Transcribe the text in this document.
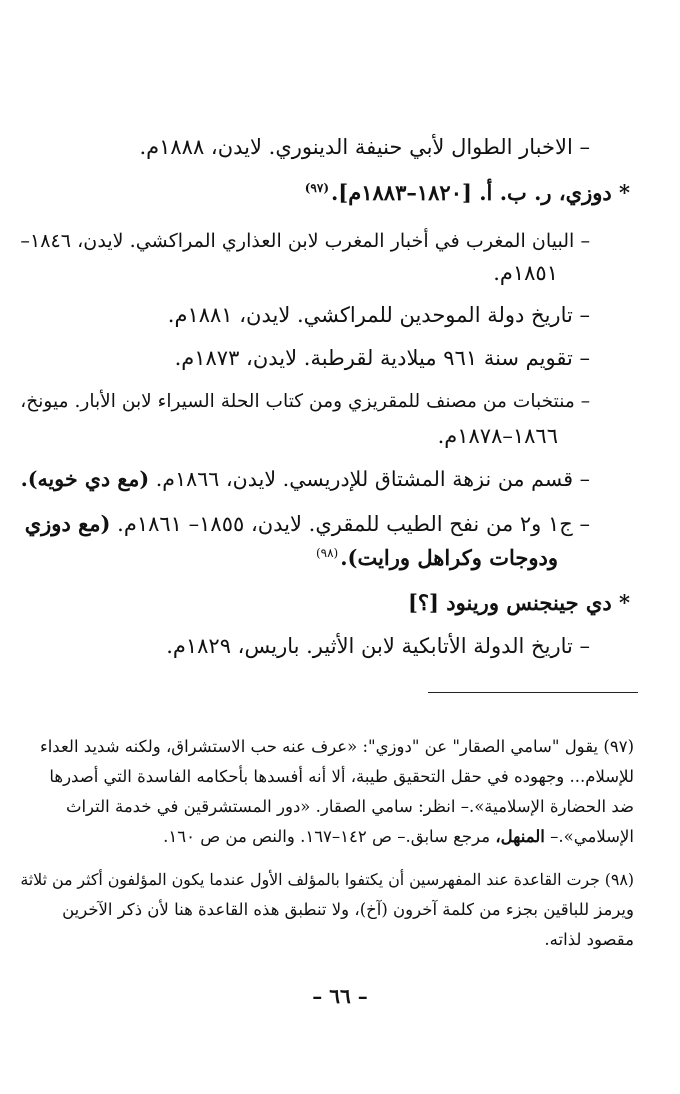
– الاخبار الطوال لأبي حنيفة الدينوري. لايدن، ١٨٨٨م.
* دوزي، ر. ب. أ. [١٨٢٠–١٨٨٣م].$^{(٩٧)}$
– البيان المغرب في أخبار المغرب لابن العذاري المراكشي. لايدن، ١٨٤٦–
١٨٥١م.
– تاريخ دولة الموحدين للمراكشي. لايدن، ١٨٨١م.
– تقويم سنة ٩٦١ ميلادية لقرطبة. لايدن، ١٨٧٣م.
– منتخبات من مصنف للمقريزي ومن كتاب الحلة السيراء لابن الأبار. ميونخ،
١٨٦٦–١٨٧٨م.
– قسم من نزهة المشتاق للإدريسي. لايدن، ١٨٦٦م. (مع دي خويه).
– ج١ و٢ من نفح الطيب للمقري. لايدن، ١٨٥٥– ١٨٦١م. (مع دوزي
ودوجات وكراهل ورايت).$^{(٩٨)}$
* دي جينجنس ورينود [؟]
– تاريخ الدولة الأتابكية لابن الأثير. باريس، ١٨٢٩م.
(٩٧) يقول "سامي الصقار" عن "دوزي": «عرف عنه حب الاستشراق، ولكنه شديد العداء
للإسلام... وجهوده في حقل التحقيق طيبة، ألا أنه أفسدها بأحكامه الفاسدة التي أصدرها
ضد الحضارة الإسلامية».– انظر: سامي الصقار. «دور المستشرقين في خدمة التراث
الإسلامي».– المنهل، مرجع سابق.– ص ١٤٢–١٦٧. والنص من ص ١٦٠.
(٩٨) جرت القاعدة عند المفهرسين أن يكتفوا بالمؤلف الأول عندما يكون المؤلفون أكثر من ثلاثة
ويرمز للباقين بجزء من كلمة آخرون (آخ)، ولا تنطبق هذه القاعدة هنا لأن ذكر الآخرين
مقصود لذاته.
– ٦٦ –
